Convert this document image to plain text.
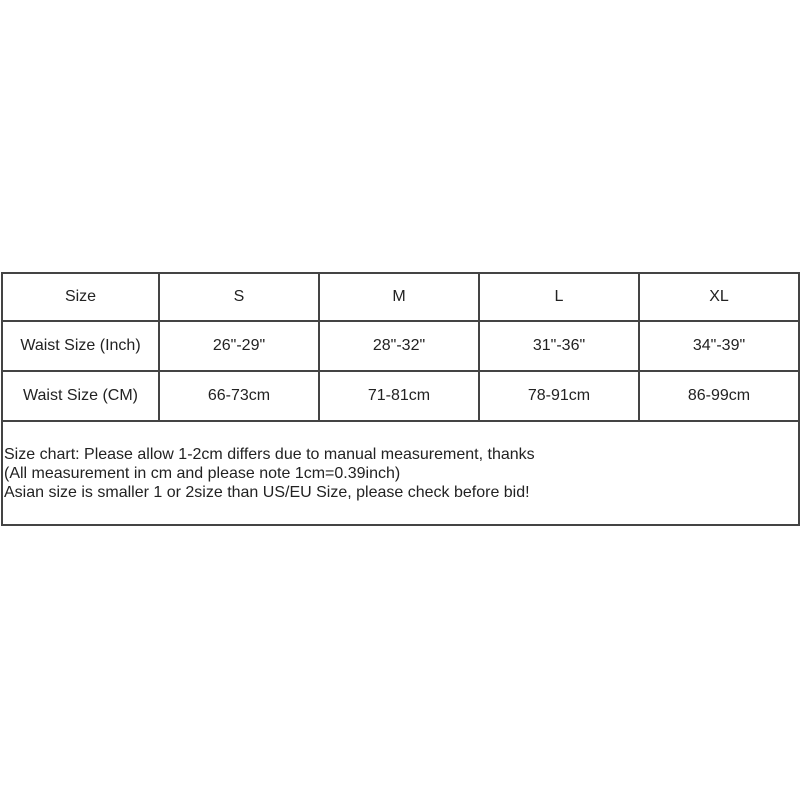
Size	S	M	L	XL
Waist Size (Inch)	26"-29"	28"-32"	31"-36"	34"-39"
Waist Size (CM)	66-73cm	71-81cm	78-91cm	86-99cm

Size chart: Please allow 1-2cm differs due to manual measurement, thanks
(All measurement in cm and please note 1cm=0.39inch)
Asian size is smaller 1 or 2size than US/EU Size, please check before bid!				
